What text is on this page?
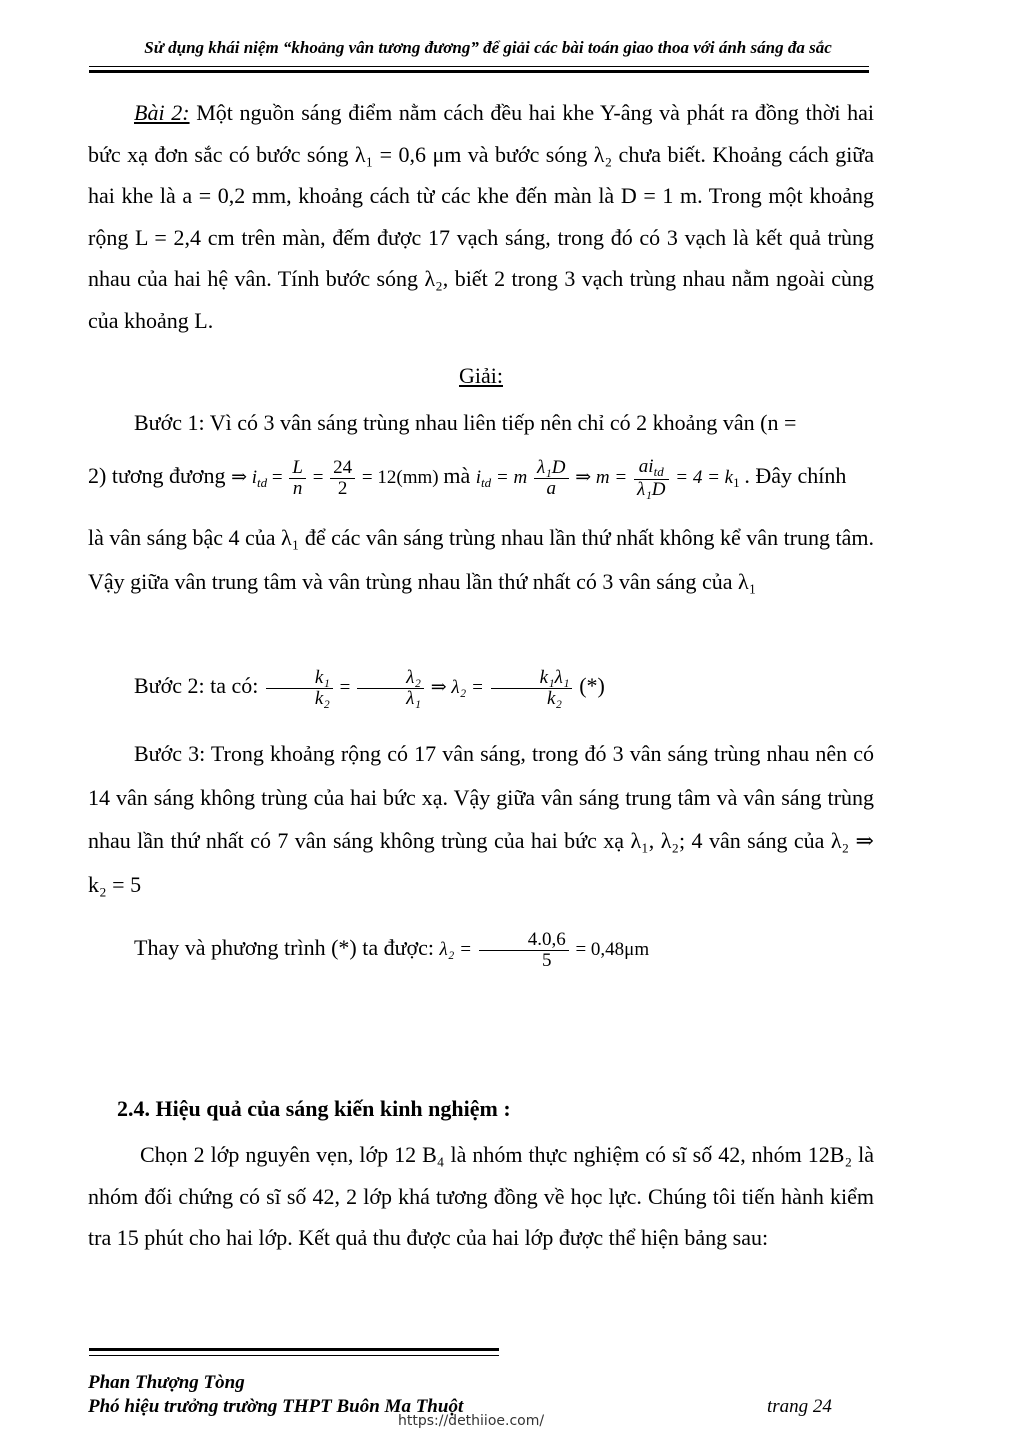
Sử dụng khái niệm “khoảng vân tương đương” để giải các bài toán giao thoa với ánh sáng đa sắc
Bài 2: Một nguồn sáng điểm nằm cách đều hai khe Y-âng và phát ra đồng thời hai bức xạ đơn sắc có bước sóng λ₁ = 0,6 μm và bước sóng λ₂ chưa biết. Khoảng cách giữa hai khe là a = 0,2 mm, khoảng cách từ các khe đến màn là D = 1 m. Trong một khoảng rộng L = 2,4 cm trên màn, đếm được 17 vạch sáng, trong đó có 3 vạch là kết quả trùng nhau của hai hệ vân. Tính bước sóng λ₂, biết 2 trong 3 vạch trùng nhau nằm ngoài cùng của khoảng L.
Giải:
Bước 1: Vì có 3 vân sáng trùng nhau liên tiếp nên chỉ có 2 khoảng vân (n =
2) tương đương ⇒ $i_{td} = \frac{L}{n} = \frac{24}{2} = 12(mm)$ mà $i_{td} = m \frac{\text{λ₁D}}{a}$ ⇒ $m = \frac{ai_{td}}{\text{λ₁D}} = 4 = k_1$ . Đây chính
là vân sáng bậc 4 của λ₁ để các vân sáng trùng nhau lần thứ nhất không kể vân trung tâm. Vậy giữa vân trung tâm và vân trùng nhau lần thứ nhất có 3 vân sáng của λ₁
Bước 2: ta có: $\frac{\text{k₁}}{\text{k₂}} = \frac{\text{λ₂}}{\text{λ₁}}$ ⇒ $\lambda_2 = \frac{\text{k₁λ₁}}{\text{k₂}}$ (*)
Bước 3: Trong khoảng rộng có 17 vân sáng, trong đó 3 vân sáng trùng nhau nên có 14 vân sáng không trùng của hai bức xạ. Vậy giữa vân sáng trung tâm và vân sáng trùng nhau lần thứ nhất có 7 vân sáng không trùng của hai bức xạ λ₁, λ₂; 4 vân sáng của λ₂ ⇒ k₂ = 5
Thay và phương trình (*) ta được: $\lambda_2 = \frac{4.0,6}{5} = 0,48\mu m$
2.4. Hiệu quả của sáng kiến kinh nghiệm :
Chọn 2 lớp nguyên vẹn, lớp 12 B₄ là nhóm thực nghiệm có sĩ số 42, nhóm 12B₂ là nhóm đối chứng có sĩ số 42, 2 lớp khá tương đồng về học lực. Chúng tôi tiến hành kiểm tra 15 phút cho hai lớp. Kết quả thu được của hai lớp được thể hiện bảng sau:
Phan Thượng Tòng
Phó hiệu trưởng trường THPT Buôn Ma Thuột	trang 24
https://dethiioe.com/
